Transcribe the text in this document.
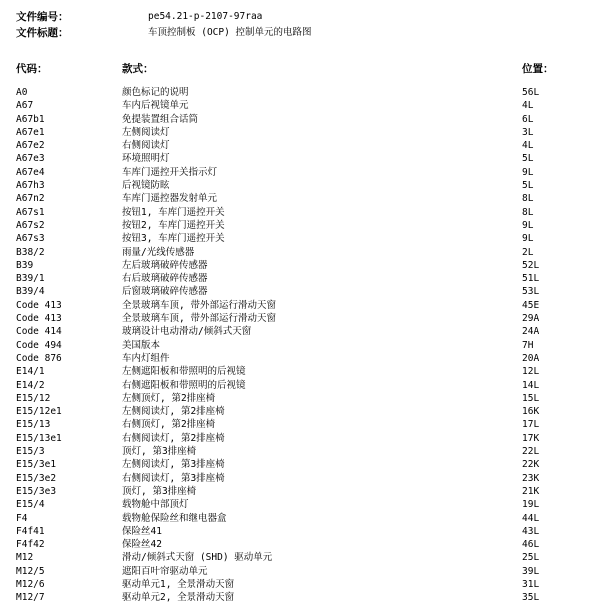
文件编号：	pe54.21-p-2107-97raa
文件标题：	车顶控制板 (OCP) 控制单元的电路图
代码：	款式：	位置：
A0	颜色标记的说明	56L
A67	车内后视镜单元	4L
A67b1	免提装置组合话筒	6L
A67e1	左侧阅读灯	3L
A67e2	右侧阅读灯	4L
A67e3	环境照明灯	5L
A67e4	车库门遥控开关指示灯	9L
A67h3	后视镜防眩	5L
A67n2	车库门遥控器发射单元	8L
A67s1	按钮1, 车库门遥控开关	8L
A67s2	按钮2, 车库门遥控开关	9L
A67s3	按钮3, 车库门遥控开关	9L
B38/2	雨量/光线传感器	2L
B39	左后玻璃破碎传感器	52L
B39/1	右后玻璃破碎传感器	51L
B39/4	后窗玻璃破碎传感器	53L
Code 413	全景玻璃车顶, 带外部运行滑动天窗	45E
Code 413	全景玻璃车顶, 带外部运行滑动天窗	29A
Code 414	玻璃设计电动滑动/倾斜式天窗	24A
Code 494	美国版本	7H
Code 876	车内灯组件	20A
E14/1	左侧遮阳板和带照明的后视镜	12L
E14/2	右侧遮阳板和带照明的后视镜	14L
E15/12	左侧顶灯, 第2排座椅	15L
E15/12e1	左侧阅读灯, 第2排座椅	16K
E15/13	右侧顶灯, 第2排座椅	17L
E15/13e1	右侧阅读灯, 第2排座椅	17K
E15/3	顶灯, 第3排座椅	22L
E15/3e1	左侧阅读灯, 第3排座椅	22K
E15/3e2	右侧阅读灯, 第3排座椅	23K
E15/3e3	顶灯, 第3排座椅	21K
E15/4	载物舱中部顶灯	19L
F4	载物舱保险丝和继电器盒	44L
F4f41	保险丝41	43L
F4f42	保险丝42	46L
M12	滑动/倾斜式天窗 (SHD) 驱动单元	25L
M12/5	遮阳百叶帘驱动单元	39L
M12/6	驱动单元1, 全景滑动天窗	31L
M12/7	驱动单元2, 全景滑动天窗	35L
